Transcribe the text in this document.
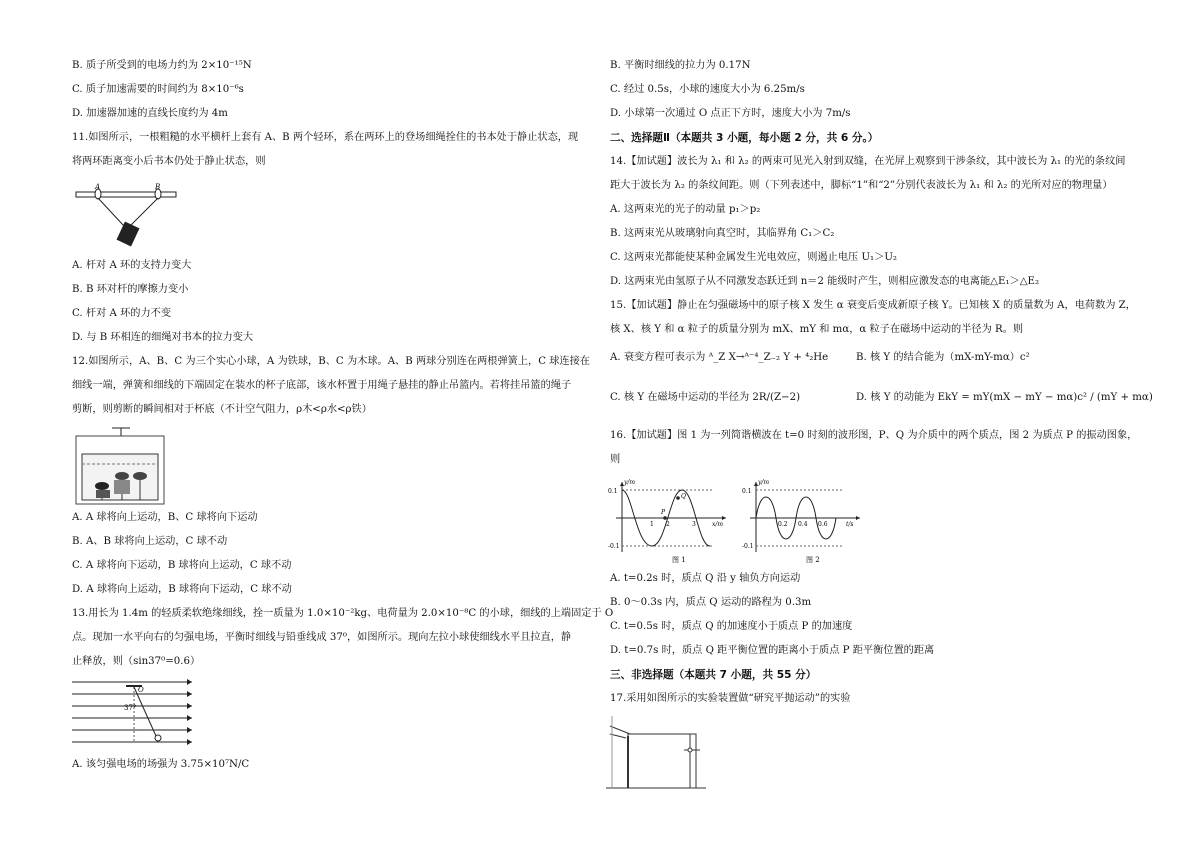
B. 质子所受到的电场力约为 2×10⁻¹⁵N
C. 质子加速需要的时间约为 8×10⁻⁶s
D. 加速器加速的直线长度约为 4m
11.如图所示，一根粗糙的水平横杆上套有 A、B 两个轻环，系在两环上的登场细绳拴住的书本处于静止状态，现
将两环距离变小后书本仍处于静止状态，则
A	B
A. 杆对 A 环的支持力变大
B. B 环对杆的摩擦力变小
C. 杆对 A 环的力不变
D. 与 B 环相连的细绳对书本的拉力变大
12.如图所示，A、B、C 为三个实心小球，A 为铁球，B、C 为木球。A、B 两球分别连在两根弹簧上，C 球连接在
细线一端，弹簧和细线的下端固定在装水的杯子底部，该水杯置于用绳子悬挂的静止吊篮内。若将挂吊篮的绳子
剪断，则剪断的瞬间相对于杯底（不计空气阻力，ρ木<ρ水<ρ铁）
A. A 球将向上运动，B、C 球将向下运动
B. A、B 球将向上运动，C 球不动
C. A 球将向下运动，B 球将向上运动，C 球不动
D. A 球将向上运动，B 球将向下运动，C 球不动
13.用长为 1.4m 的轻质柔软绝缘细线，拴一质量为 1.0×10⁻²kg、电荷量为 2.0×10⁻⁸C 的小球，细线的上端固定于 O
点。现加一水平向右的匀强电场，平衡时细线与铅垂线成 37⁰，如图所示。现向左拉小球使细线水平且拉直，静
止释放，则（sin37⁰=0.6）
O
37°
A. 该匀强电场的场强为 3.75×10⁷N/C
B. 平衡时细线的拉力为 0.17N
C. 经过 0.5s，小球的速度大小为 6.25m/s
D. 小球第一次通过 O 点正下方时，速度大小为 7m/s
二、选择题Ⅱ（本题共 3 小题，每小题 2 分，共 6 分。）
14.【加试题】波长为 λ₁ 和 λ₂ 的两束可见光入射到双缝，在光屏上观察到干涉条纹，其中波长为 λ₁ 的光的条纹间
距大于波长为 λ₂ 的条纹间距。则（下列表述中，脚标“1”和“2”分别代表波长为 λ₁ 和 λ₂ 的光所对应的物理量）
A. 这两束光的光子的动量 p₁＞p₂
B. 这两束光从玻璃射向真空时，其临界角 C₁＞C₂
C. 这两束光都能使某种金属发生光电效应，则遏止电压 U₁＞U₂
D. 这两束光由氢原子从不同激发态跃迁到 n＝2 能级时产生，则相应激发态的电离能△E₁＞△E₂
15.【加试题】静止在匀强磁场中的原子核 X 发生 α 衰变后变成新原子核 Y。已知核 X 的质量数为 A，电荷数为 Z，
核 X、核 Y 和 α 粒子的质量分别为 mX、mY 和 mα，α 粒子在磁场中运动的半径为 R。则
A. 衰变方程可表示为 ᴬ_Z X→ᴬ⁻⁴_Z₋₂ Y + ⁴₂He	B. 核 Y 的结合能为（mX-mY-mα）c²
C. 核 Y 在磁场中运动的半径为 2R/(Z−2)	D. 核 Y 的动能为 EkY = mY(mX − mY − mα)c² / (mY + mα)
16.【加试题】图 1 为一列简谐横波在 t=0 时刻的波形图，P、Q 为介质中的两个质点，图 2 为质点 P 的振动图象，
则
y/m
x/m
0.1
-0.1
P
Q
1 2	3
图 1
y/m
t/s
0.1
-0.1
0.2 0.4 0.6
图 2
A. t=0.2s 时，质点 Q 沿 y 轴负方向运动
B. 0～0.3s 内，质点 Q 运动的路程为 0.3m
C. t=0.5s 时，质点 Q 的加速度小于质点 P 的加速度
D. t=0.7s 时，质点 Q 距平衡位置的距离小于质点 P 距平衡位置的距离
三、非选择题（本题共 7 小题，共 55 分）
17.采用如图所示的实验装置做“研究平抛运动”的实验
